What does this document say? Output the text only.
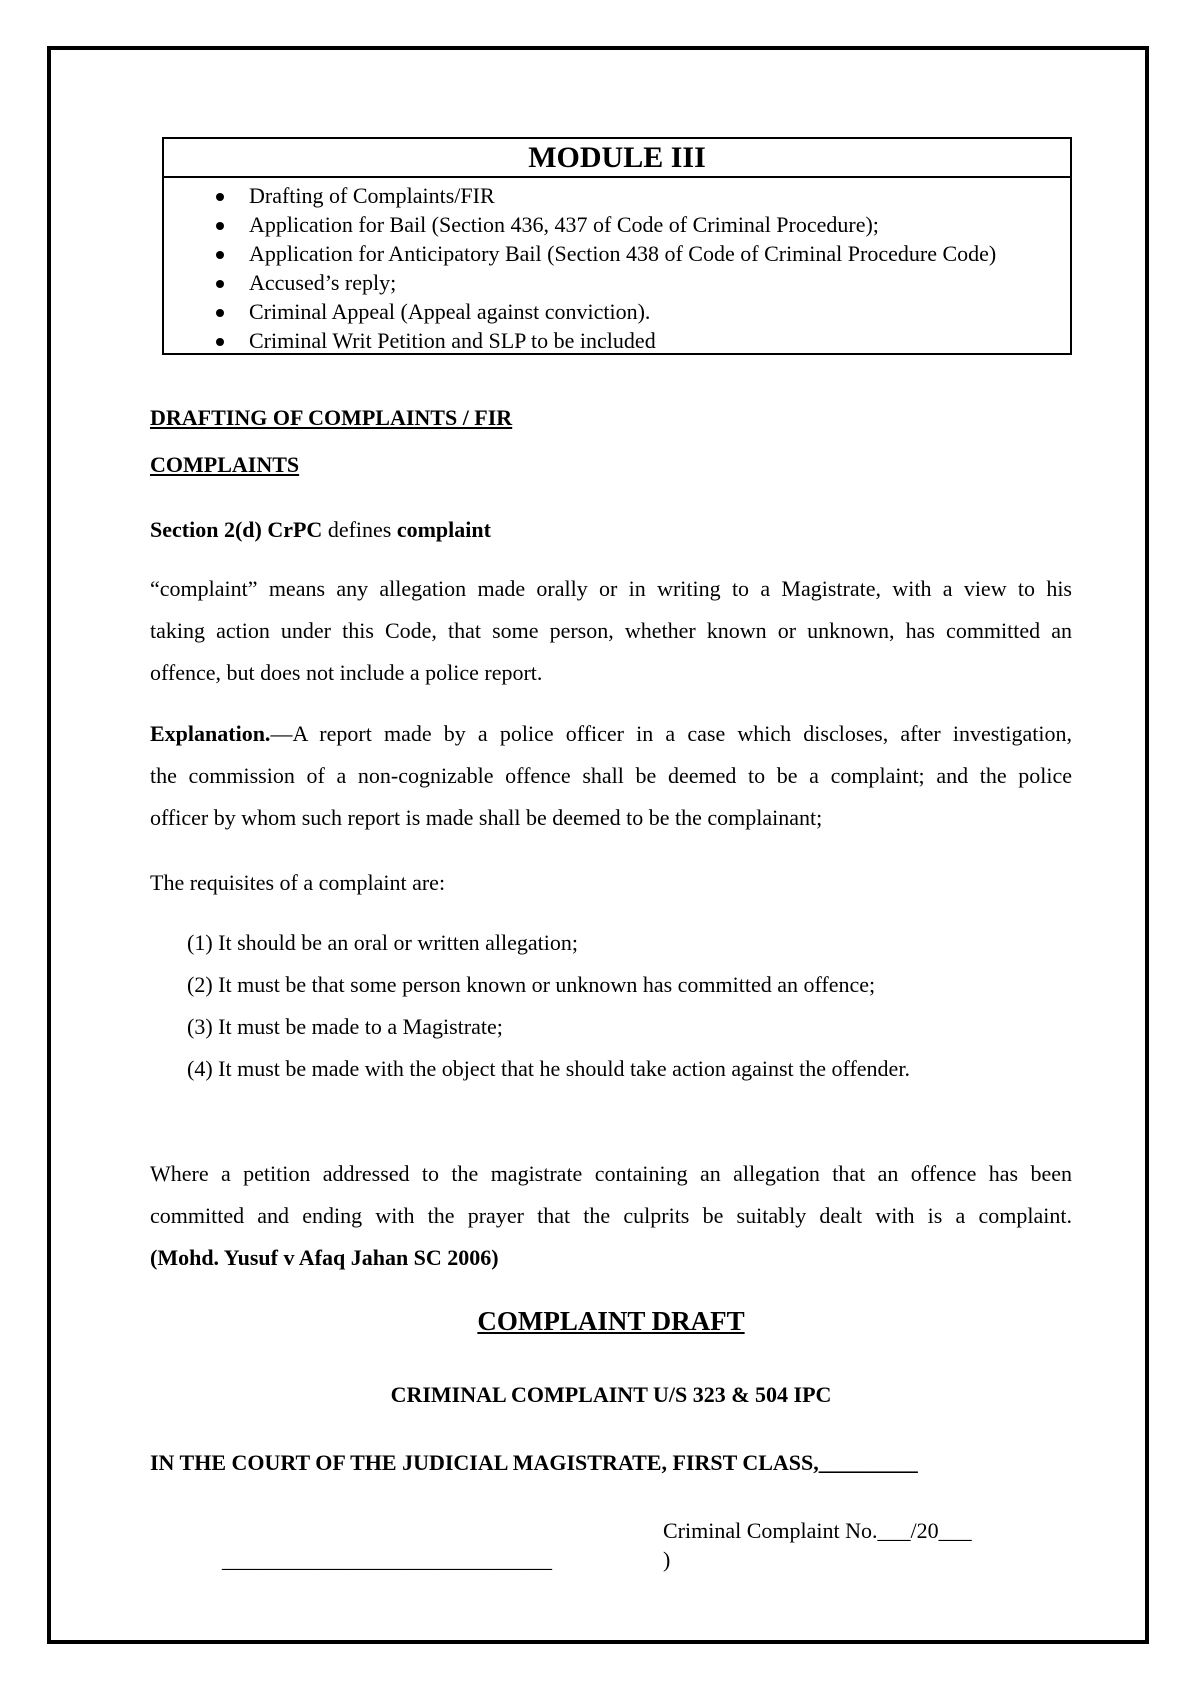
MODULE III
Drafting of Complaints/FIR
Application for Bail (Section 436, 437 of Code of Criminal Procedure);
Application for Anticipatory Bail (Section 438 of Code of Criminal Procedure Code)
Accused’s reply;
Criminal Appeal (Appeal against conviction).
Criminal Writ Petition and SLP to be included
DRAFTING OF COMPLAINTS / FIR
COMPLAINTS
Section 2(d) CrPC defines complaint
“complaint” means any allegation made orally or in writing to a Magistrate, with a view to his
taking action under this Code, that some person, whether known or unknown, has committed an
offence, but does not include a police report.
Explanation.—A report made by a police officer in a case which discloses, after investigation,
the commission of a non-cognizable offence shall be deemed to be a complaint; and the police
officer by whom such report is made shall be deemed to be the complainant;
The requisites of a complaint are:
(1) It should be an oral or written allegation;
(2) It must be that some person known or unknown has committed an offence;
(3) It must be made to a Magistrate;
(4) It must be made with the object that he should take action against the offender.
Where a petition addressed to the magistrate containing an allegation that an offence has been
committed and ending with the prayer that the culprits be suitably dealt with is a complaint.
(Mohd. Yusuf v Afaq Jahan SC 2006)
COMPLAINT DRAFT
CRIMINAL COMPLAINT U/S 323 & 504 IPC
IN THE COURT OF THE JUDICIAL MAGISTRATE, FIRST CLASS,_________
Criminal Complaint No.___/20___
______________________________	)
